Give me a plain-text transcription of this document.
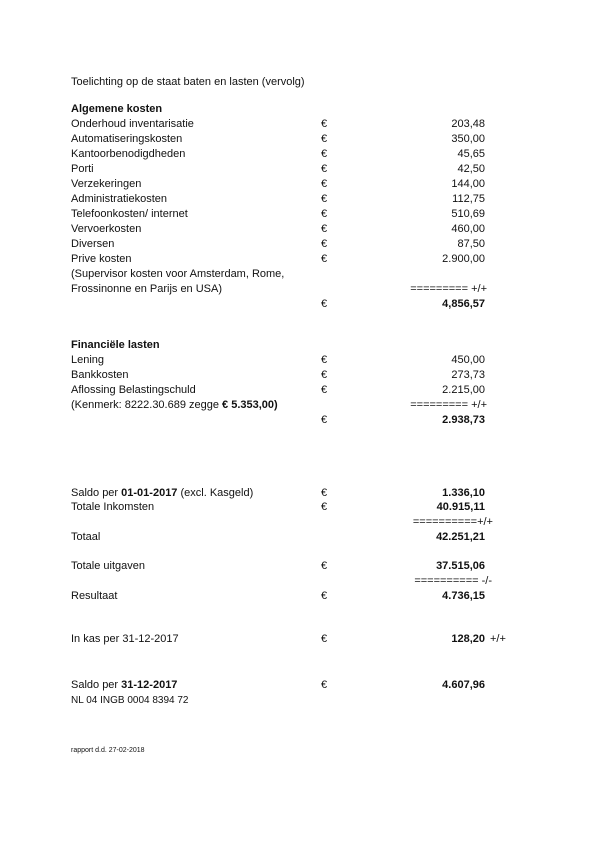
Toelichting op de staat baten en lasten (vervolg)
Algemene kosten
Onderhoud inventarisatie	€	203,48
Automatiseringskosten	€	350,00
Kantoorbenodigdheden	€	45,65
Porti	€	42,50
Verzekeringen	€	144,00
Administratiekosten	€	112,75
Telefoonkosten/ internet	€	510,69
Vervoerkosten	€	460,00
Diversen	€	87,50
Prive kosten	€	2.900,00
(Supervisor kosten voor Amsterdam, Rome,
Frossinonne en Parijs en USA)	========= +/+
€	4,856,57
Financiële lasten
Lening	€	450,00
Bankkosten	€	273,73
Aflossing Belastingschuld	€	2.215,00
(Kenmerk: 8222.30.689 zegge € 5.353,00)	========= +/+
€	2.938,73
Saldo per 01-01-2017 (excl. Kasgeld)	€	1.336,10
Totale Inkomsten	€	40.915,11
==========+/+
Totaal	42.251,21
Totale uitgaven	€	37.515,06
========== -/-
Resultaat	€	4.736,15
In kas per 31-12-2017	€	128,20 +/+
Saldo per 31-12-2017	€	4.607,96
NL 04 INGB 0004 8394 72
rapport d.d. 27-02-2018
